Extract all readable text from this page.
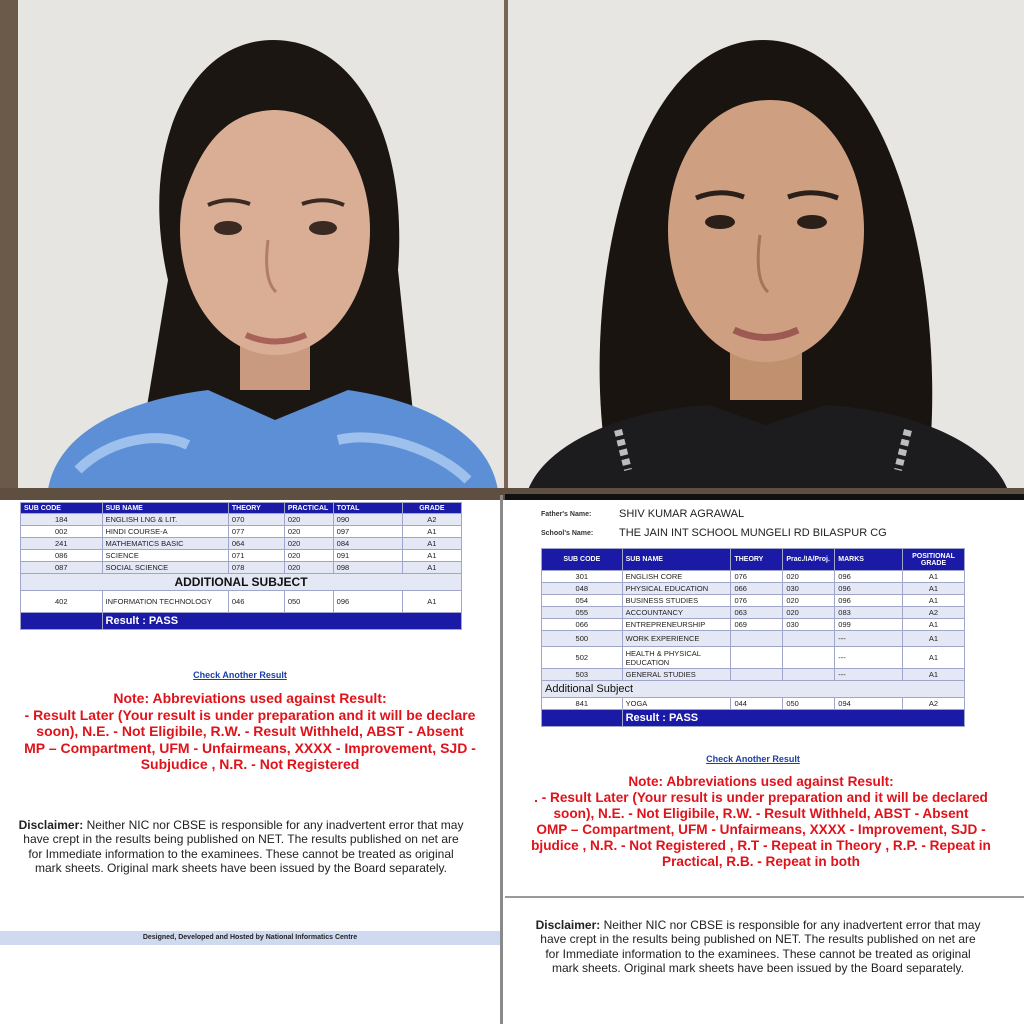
SUB CODE	SUB NAME	THEORY	PRACTICAL	TOTAL	GRADE
184	ENGLISH LNG & LIT.	070	020	090	A2
002	HINDI COURSE-A	077	020	097	A1
241	MATHEMATICS BASIC	064	020	084	A1
086	SCIENCE	071	020	091	A1
087	SOCIAL SCIENCE	078	020	098	A1
ADDITIONAL SUBJECT					
402	INFORMATION TECHNOLOGY	046	050	096	A1
	Result : PASS				
Check Another Result
Note: Abbreviations used against Result:
- Result Later (Your result is under preparation and it will be declare
soon), N.E. - Not Eligibile, R.W. - Result Withheld, ABST - Absent
MP – Compartment, UFM - Unfairmeans, XXXX - Improvement, SJD -
Subjudice , N.R. - Not Registered
Disclaimer: Neither NIC nor CBSE is responsible for any inadvertent error that may have crept in the results being published on NET. The results published on net are for Immediate information to the examinees. These cannot be treated as original mark sheets. Original mark sheets have been issued by the Board separately.
Designed, Developed and Hosted by National Informatics Centre
Father's Name:	SHIV KUMAR AGRAWAL
School's Name: THE JAIN INT SCHOOL MUNGELI RD BILASPUR CG
SUB CODE	SUB NAME	THEORY	Prac./IA/Proj.	MARKS	POSITIONAL GRADE
301	ENGLISH CORE	076	020	096	A1
048	PHYSICAL EDUCATION	066	030	096	A1
054	BUSINESS STUDIES	076	020	096	A1
055	ACCOUNTANCY	063	020	083	A2
066	ENTREPRENEURSHIP	069	030	099	A1
500	WORK EXPERIENCE			---	A1
502	HEALTH & PHYSICAL EDUCATION			---	A1
503	GENERAL STUDIES			---	A1
Additional Subject					
841	YOGA	044	050	094	A2
	Result : PASS				
Check Another Result
Note: Abbreviations used against Result:
. - Result Later (Your result is under preparation and it will be declared
soon), N.E. - Not Eligibile, R.W. - Result Withheld, ABST - Absent
OMP – Compartment, UFM - Unfairmeans, XXXX - Improvement, SJD -
bjudice , N.R. - Not Registered , R.T - Repeat in Theory , R.P. - Repeat in
Practical, R.B. - Repeat in both
Disclaimer: Neither NIC nor CBSE is responsible for any inadvertent error that may have crept in the results being published on NET. The results published on net are for Immediate information to the examinees. These cannot be treated as original mark sheets. Original mark sheets have been issued by the Board separately.
